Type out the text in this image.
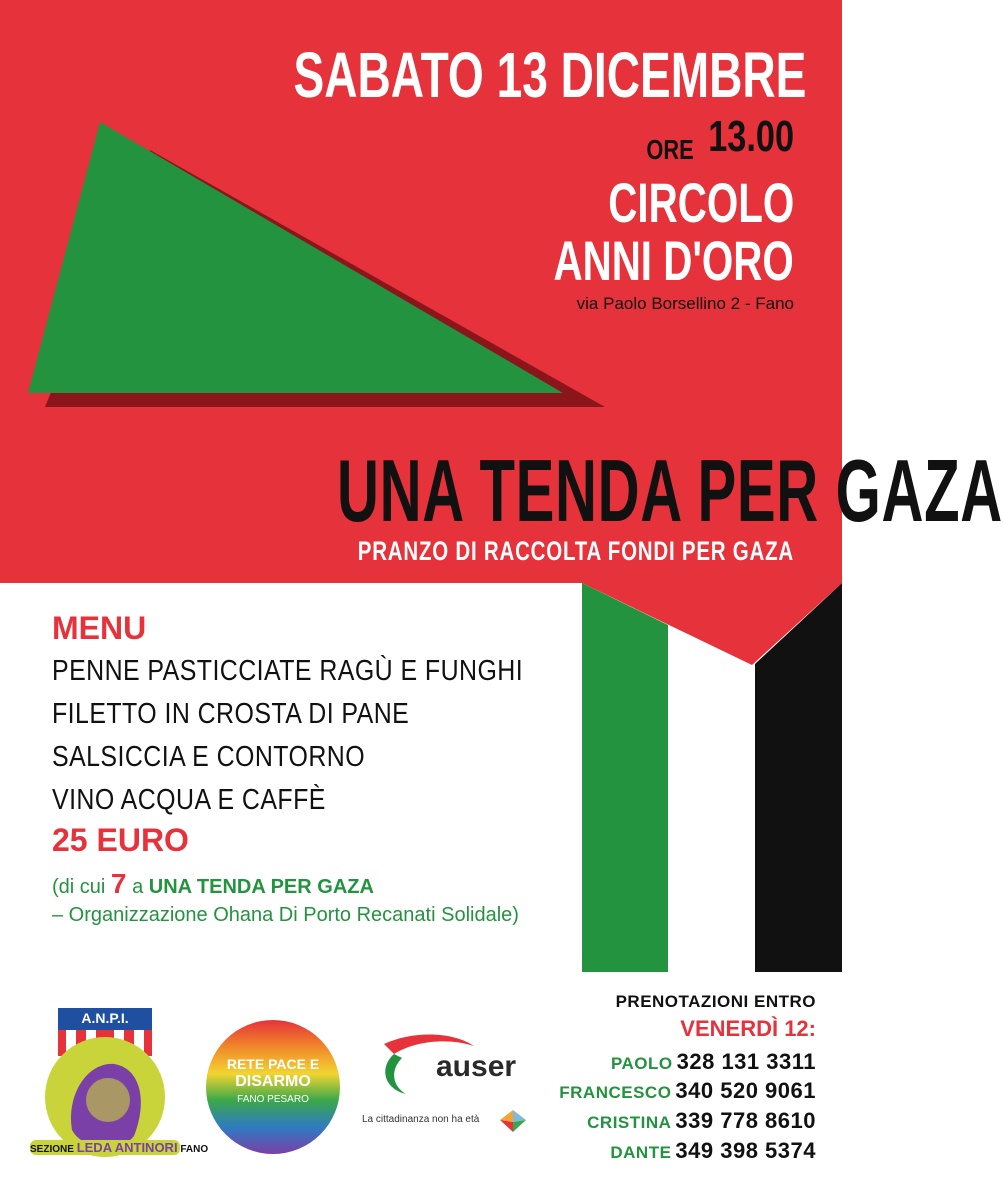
SABATO 13 DICEMBRE
ORE 13.00
CIRCOLO
ANNI D'ORO
via Paolo Borsellino 2 - Fano
UNA TENDA PER GAZA
PRANZO DI RACCOLTA FONDI PER GAZA
MENU
PENNE PASTICCIATE RAGÙ E FUNGHI
FILETTO IN CROSTA DI PANE
SALSICCIA E CONTORNO
VINO ACQUA E CAFFÈ
25 EURO
(di cui 7 a UNA TENDA PER GAZA
– Organizzazione Ohana Di Porto Recanati Solidale)
A.N.P.I.
SEZIONE LEDA ANTINORI FANO
RETE PACE E
DISARMO
FANO PESARO
auser
La cittadinanza non ha età
PRENOTAZIONI ENTRO
VENERDÌ 12:
PAOLO 328 131 3311
FRANCESCO 340 520 9061
CRISTINA 339 778 8610
DANTE 349 398 5374
